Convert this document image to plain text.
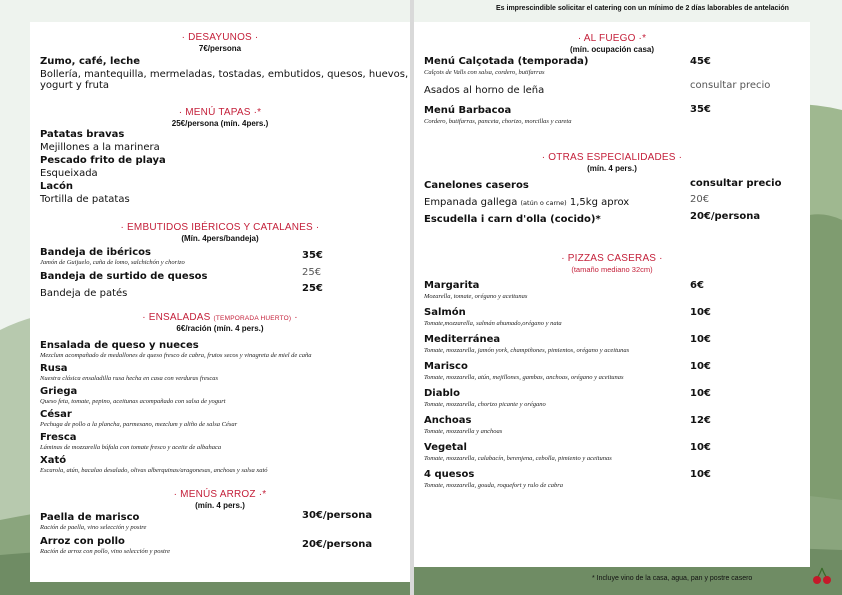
Es imprescindible solicitar el catering con un mínimo de 2 días laborables de antelación
· DESAYUNOS ·
7€/persona
Zumo, café, leche
Bollería, mantequilla, mermeladas, tostadas, embutidos, quesos, huevos,
yogurt y fruta
· MENÚ TAPAS ·*
25€/persona (mín. 4pers.)
Patatas bravas
Mejillones a la marinera
Pescado frito de playa
Esqueixada
Lacón
Tortilla de patatas
· EMBUTIDOS IBÉRICOS Y CATALANES ·
(Mín. 4pers/bandeja)
Bandeja de ibéricos
Jamón de Guijuelo, caña de lomo, salchichón y chorizo
35€
Bandeja de surtido de quesos	25€
Bandeja de patés	25€
· ENSALADAS (TEMPORADA HUERTO) ·
6€/ración (mín. 4 pers.)
Ensalada de queso y nueces
Mezclum acompañado de medallones de queso fresco de cabra, frutos secos y vinagreta de miel de caña
Rusa
Nuestra clásica ensaladilla rusa hecha en casa con verduras frescas
Griega
Queso feta, tomate, pepino, aceitunas acompañado con salsa de yogurt
César
Pechuga de pollo a la plancha, parmesano, mezclum y aliño de salsa César
Fresca
Láminas de mozzarella búfala con tomate fresco y aceite de albahaca
Xató
Escarola, atún, bacalao desalado, olivas alberquinas/aragonesas, anchoas y salsa xató
· MENÚS ARROZ ·*
(mín. 4 pers.)
Paella de marisco
Ración de paella, vino selección y postre
30€/persona
Arroz con pollo
Ración de arroz con pollo, vino selección y postre
20€/persona
· AL FUEGO ·*
(mín. ocupación casa)
Menú Calçotada (temporada)
Calçots de Valls con salsa, cordero, butifarras
45€
Asados al horno de leña	consultar precio
Menú Barbacoa
Cordero, butifarras, panceta, chorizo, morcillas y careta
35€
· OTRAS ESPECIALIDADES ·
(mín. 4 pers.)
Canelones caseros	consultar precio
Empanada gallega (atún o carne) 1,5kg aprox	20€
Escudella i carn d'olla (cocido)*	20€/persona
· PIZZAS CASERAS ·
(tamaño mediano 32cm)
Margarita
Mozarella, tomate, orégano y aceitunas
6€
Salmón
Tomate,mozzarella, salmán ahumado,orégano y nata
10€
Mediterránea
Tomate, mozzarella, jamón york, champiñones, pimientos, orégano y aceitunas
10€
Marisco
Tomate, mozzarella, atún, mejillones, gambas, anchoas, orégano y aceitunas
10€
Diablo
Tomate, mozzarella, chorizo picante y orégano
10€
Anchoas
Tomate, mozzarella y anchoas
12€
Vegetal
Tomate, mozzarella, calabacín, berenjena, cebolla, pimiento y aceitunas
10€
4 quesos
Tomate, mozzarella, gouda, roquefort y rulo de cabra
10€
* Incluye vino de la casa, agua, pan y postre casero
